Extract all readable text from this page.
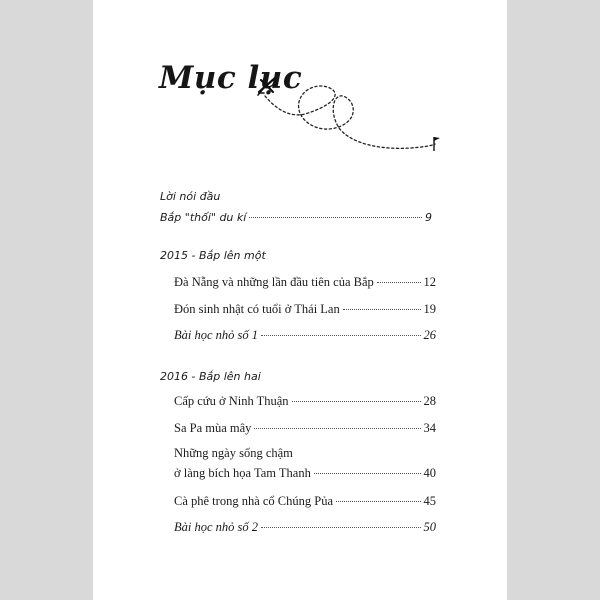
Mục lục
Lời nói đầu
Bắp "thối" du kí	9
2015 - Bắp lên một
Đà Nẵng và những lần đầu tiên của Bắp	12
Đón sinh nhật có tuổi ở Thái Lan	19
Bài học nhỏ số 1	26
2016 - Bắp lên hai
Cấp cứu ở Ninh Thuận	28
Sa Pa mùa mây	34
Những ngày sống chậm
ở làng bích họa Tam Thanh	40
Cà phê trong nhà cổ Chúng Pủa	45
Bài học nhỏ số 2	50
